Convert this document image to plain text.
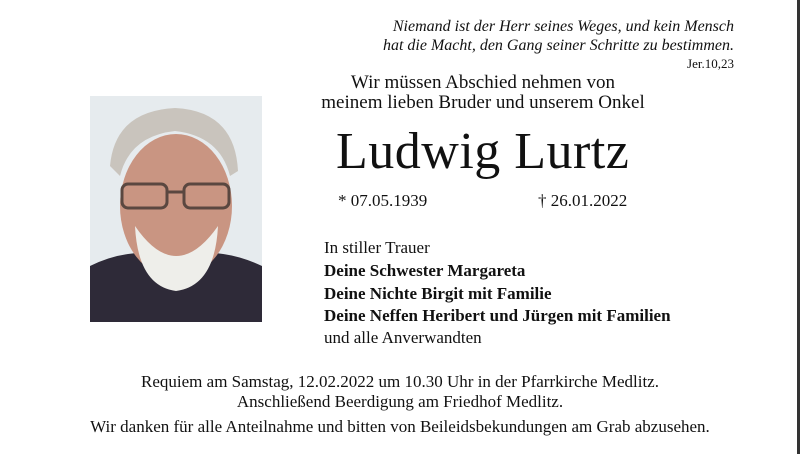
Niemand ist der Herr seines Weges, und kein Mensch
hat die Macht, den Gang seiner Schritte zu bestimmen.
Jer.10,23
Wir müssen Abschied nehmen von
meinem lieben Bruder und unserem Onkel
Ludwig Lurtz
* 07.05.1939	† 26.01.2022
In stiller Trauer
Deine Schwester Margareta
Deine Nichte Birgit mit Familie
Deine Neffen Heribert und Jürgen mit Familien
und alle Anverwandten
Requiem am Samstag, 12.02.2022 um 10.30 Uhr in der Pfarrkirche Medlitz.
Anschließend Beerdigung am Friedhof Medlitz.
Wir danken für alle Anteilnahme und bitten von Beileidsbekundungen am Grab abzusehen.
